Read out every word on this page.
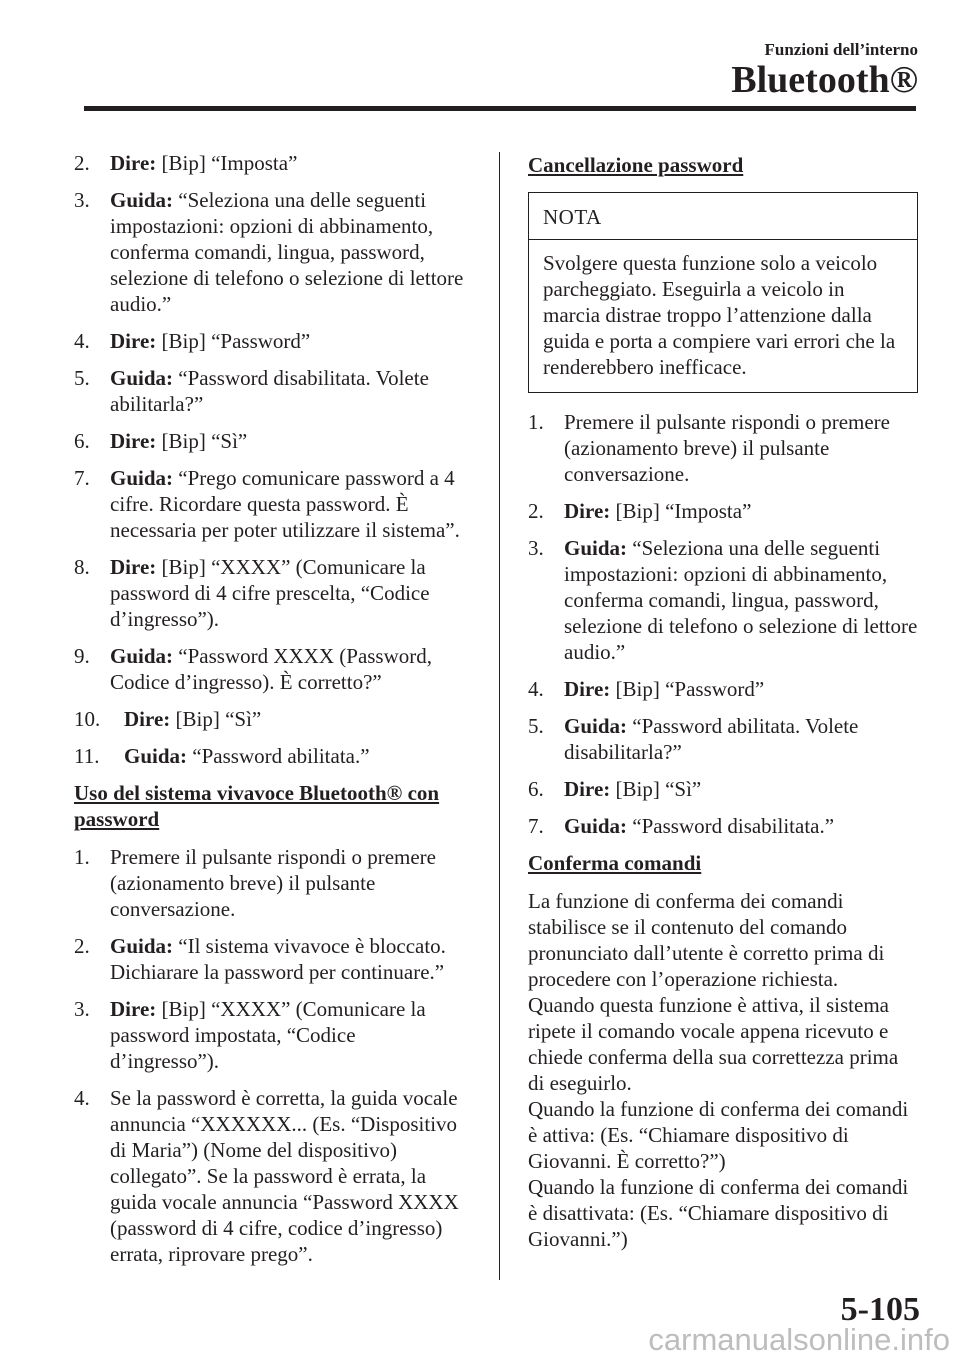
Funzioni dell’interno
Bluetooth®
2. Dire: [Bip] “Imposta”
3. Guida: “Seleziona una delle seguenti impostazioni: opzioni di abbinamento, conferma comandi, lingua, password, selezione di telefono o selezione di lettore audio.”
4. Dire: [Bip] “Password”
5. Guida: “Password disabilitata. Volete abilitarla?”
6. Dire: [Bip] “Sì”
7. Guida: “Prego comunicare password a 4 cifre. Ricordare questa password. È necessaria per poter utilizzare il sistema”.
8. Dire: [Bip] “XXXX” (Comunicare la password di 4 cifre prescelta, “Codice d’ingresso”).
9. Guida: “Password XXXX (Password, Codice d’ingresso). È corretto?”
10. Dire: [Bip] “Sì”
11. Guida: “Password abilitata.”
Uso del sistema vivavoce Bluetooth® con password
1. Premere il pulsante rispondi o premere (azionamento breve) il pulsante conversazione.
2. Guida: “Il sistema vivavoce è bloccato. Dichiarare la password per continuare.”
3. Dire: [Bip] “XXXX” (Comunicare la password impostata, “Codice d’ingresso”).
4. Se la password è corretta, la guida vocale annuncia “XXXXXX... (Es. “Dispositivo di Maria”) (Nome del dispositivo) collegato”. Se la password è errata, la guida vocale annuncia “Password XXXX (password di 4 cifre, codice d’ingresso) errata, riprovare prego”.
Cancellazione password
NOTA
Svolgere questa funzione solo a veicolo parcheggiato. Eseguirla a veicolo in marcia distrae troppo l’attenzione dalla guida e porta a compiere vari errori che la renderebbero inefficace.
1. Premere il pulsante rispondi o premere (azionamento breve) il pulsante conversazione.
2. Dire: [Bip] “Imposta”
3. Guida: “Seleziona una delle seguenti impostazioni: opzioni di abbinamento, conferma comandi, lingua, password, selezione di telefono o selezione di lettore audio.”
4. Dire: [Bip] “Password”
5. Guida: “Password abilitata. Volete disabilitarla?”
6. Dire: [Bip] “Sì”
7. Guida: “Password disabilitata.”
Conferma comandi

La funzione di conferma dei comandi stabilisce se il contenuto del comando pronunciato dall’utente è corretto prima di procedere con l’operazione richiesta.

Quando questa funzione è attiva, il sistema ripete il comando vocale appena ricevuto e chiede conferma della sua correttezza prima di eseguirlo.

Quando la funzione di conferma dei comandi è attiva: (Es. “Chiamare dispositivo di Giovanni. È corretto?”)

Quando la funzione di conferma dei comandi è disattivata: (Es. “Chiamare dispositivo di Giovanni.”)

5-105
carmanualsonline.info
